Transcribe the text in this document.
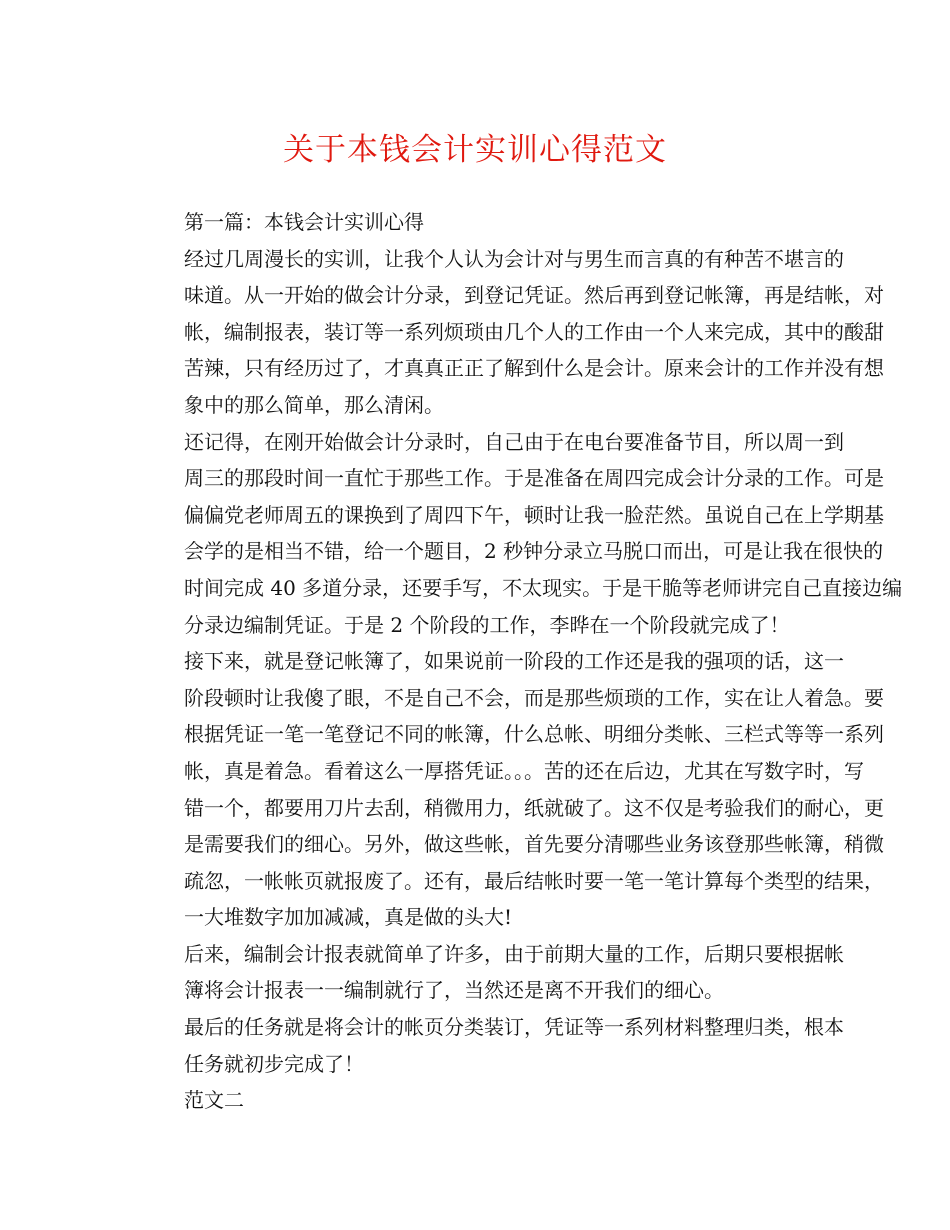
关于本钱会计实训心得范文
第一篇：本钱会计实训心得

经过几周漫长的实训，让我个人认为会计对与男生而言真的有种苦不堪言的
味道。从一开始的做会计分录，到登记凭证。然后再到登记帐簿，再是结帐，对
帐，编制报表，装订等一系列烦琐由几个人的工作由一个人来完成，其中的酸甜
苦辣，只有经历过了，才真真正正了解到什么是会计。原来会计的工作并没有想
象中的那么简单，那么清闲。

还记得，在刚开始做会计分录时，自己由于在电台要准备节目，所以周一到
周三的那段时间一直忙于那些工作。于是准备在周四完成会计分录的工作。可是
偏偏党老师周五的课换到了周四下午，顿时让我一脸茫然。虽说自己在上学期基
会学的是相当不错，给一个题目，2 秒钟分录立马脱口而出，可是让我在很快的
时间完成 40 多道分录，还要手写，不太现实。于是干脆等老师讲完自己直接边编
分录边编制凭证。于是 2 个阶段的工作，李晔在一个阶段就完成了！

接下来，就是登记帐簿了，如果说前一阶段的工作还是我的强项的话，这一
阶段顿时让我傻了眼，不是自己不会，而是那些烦琐的工作，实在让人着急。要
根据凭证一笔一笔登记不同的帐簿，什么总帐、明细分类帐、三栏式等等一系列
帐，真是着急。看着这么一厚搭凭证。。。苦的还在后边，尤其在写数字时，写
错一个，都要用刀片去刮，稍微用力，纸就破了。这不仅是考验我们的耐心，更
是需要我们的细心。另外，做这些帐，首先要分清哪些业务该登那些帐簿，稍微
疏忽，一帐帐页就报废了。还有，最后结帐时要一笔一笔计算每个类型的结果，
一大堆数字加加减减，真是做的头大!

后来，编制会计报表就简单了许多，由于前期大量的工作，后期只要根据帐
簿将会计报表一一编制就行了，当然还是离不开我们的细心。

最后的任务就是将会计的帐页分类装订，凭证等一系列材料整理归类，根本
任务就初步完成了！

范文二
